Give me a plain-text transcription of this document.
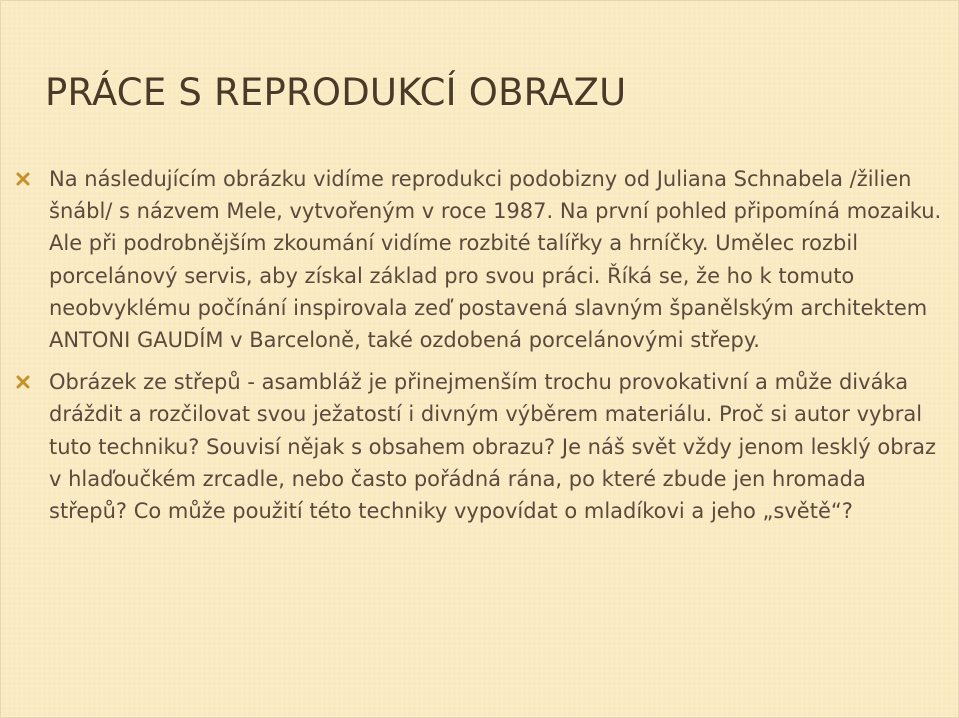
PRÁCE S REPRODUKCÍ OBRAZU
Na následujícím obrázku vidíme reprodukci podobizny od Juliana Schnabela /žilien šnábl/ s názvem Mele, vytvořeným v roce 1987. Na první pohled připomíná mozaiku. Ale při podrobnějším zkoumání vidíme rozbité talířky a hrníčky. Umělec rozbil porcelánový servis, aby získal základ pro svou práci. Říká se, že ho k tomuto neobvyklému počínání inspirovala zeď postavená slavným španělským architektem ANTONI GAUDÍM v Barceloně, také ozdobená porcelánovými střepy.
Obrázek ze střepů - asambláž je přinejmenším trochu provokativní a může diváka dráždit a rozčilovat svou ježatostí i divným výběrem materiálu. Proč si autor vybral tuto techniku? Souvisí nějak s obsahem obrazu? Je náš svět vždy jenom lesklý obraz v hlaďoučkém zrcadle, nebo často pořádná rána, po které zbude jen hromada střepů? Co může použití této techniky vypovídat o mladíkovi a jeho „světě“?
